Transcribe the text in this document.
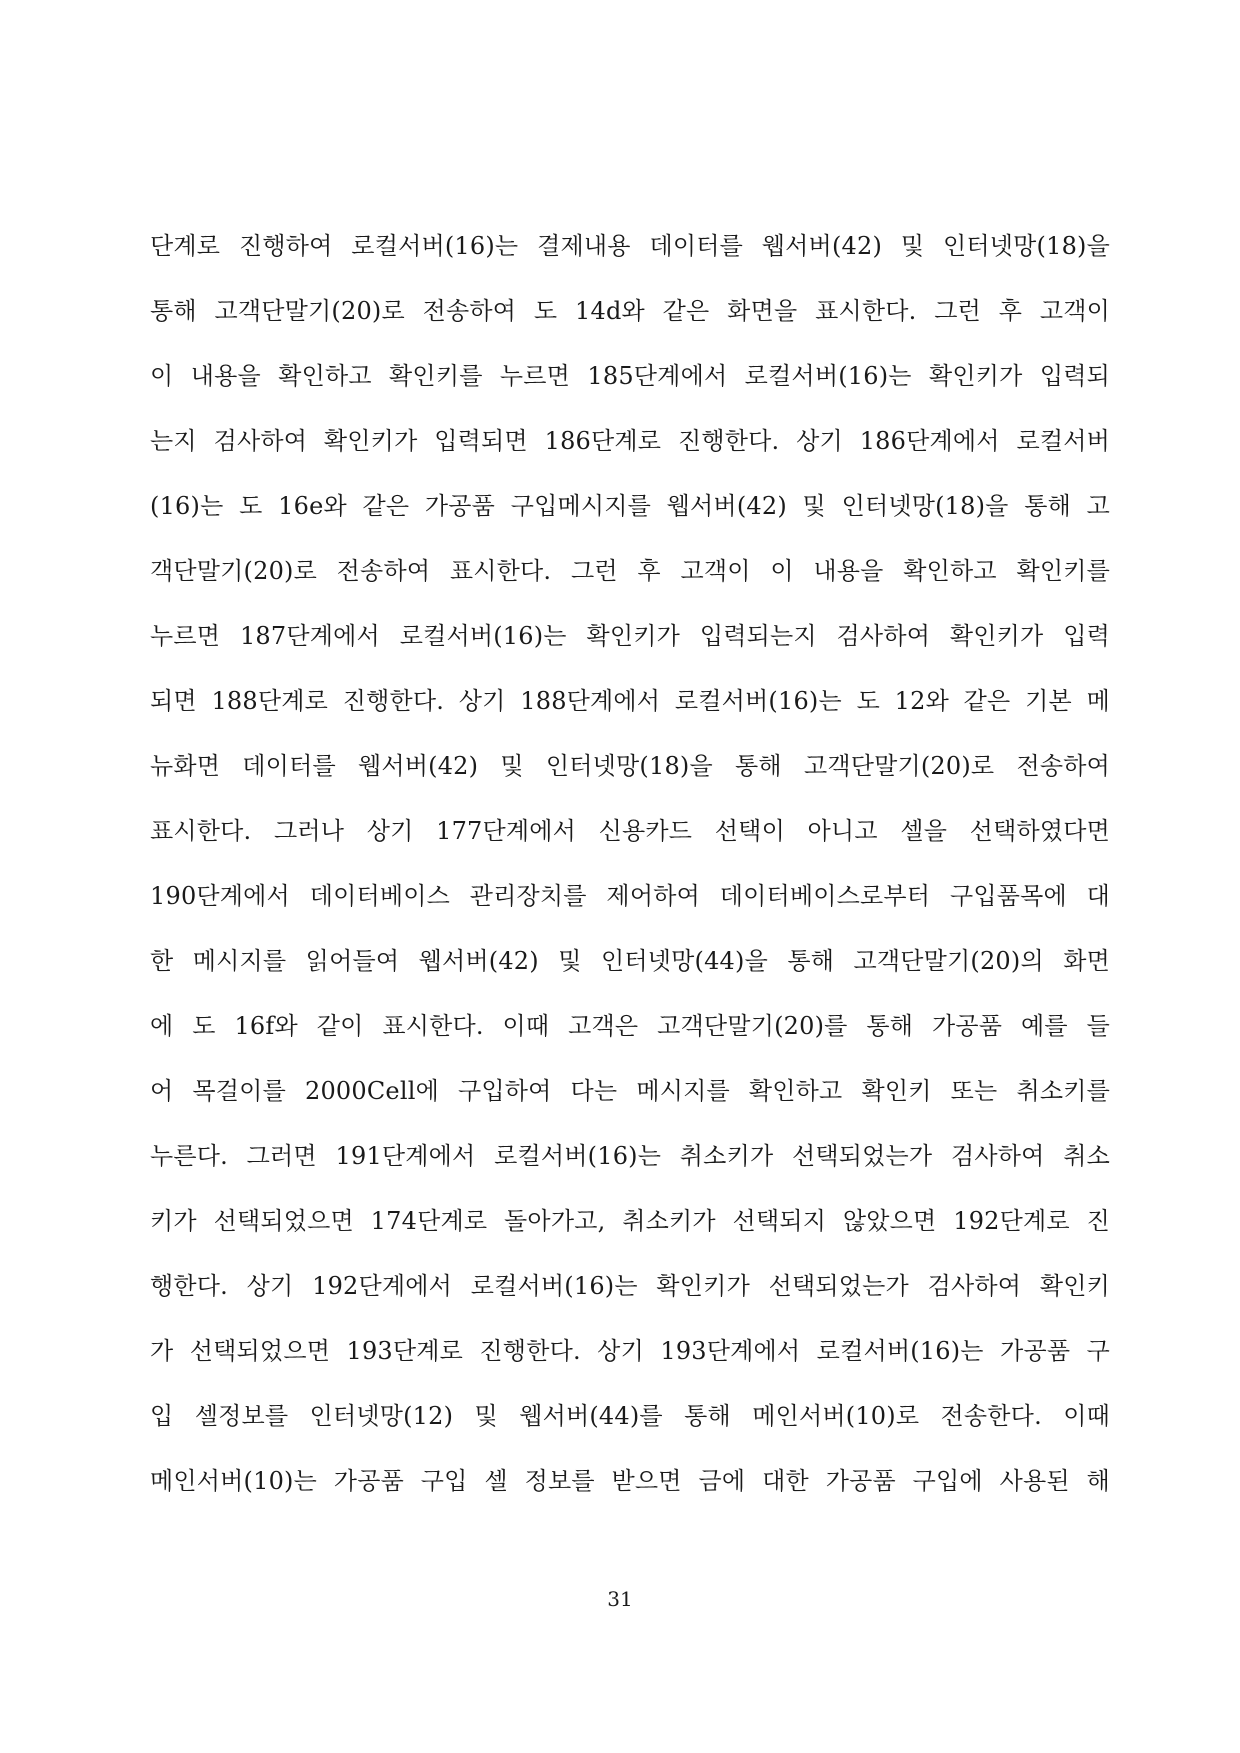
단계로 진행하여 로컬서버(16)는 결제내용 데이터를 웹서버(42) 및 인터넷망(18)을
통해 고객단말기(20)로 전송하여 도 14d와 같은 화면을 표시한다. 그런 후 고객이
이 내용을 확인하고 확인키를 누르면 185단계에서 로컬서버(16)는 확인키가 입력되
는지 검사하여 확인키가 입력되면 186단계로 진행한다. 상기 186단계에서 로컬서버
(16)는 도 16e와 같은 가공품 구입메시지를 웹서버(42) 및 인터넷망(18)을 통해 고
객단말기(20)로 전송하여 표시한다. 그런 후 고객이 이 내용을 확인하고 확인키를
누르면 187단계에서 로컬서버(16)는 확인키가 입력되는지 검사하여 확인키가 입력
되면 188단계로 진행한다. 상기 188단계에서 로컬서버(16)는 도 12와 같은 기본 메
뉴화면 데이터를 웹서버(42) 및 인터넷망(18)을 통해 고객단말기(20)로 전송하여
표시한다. 그러나 상기 177단계에서 신용카드 선택이 아니고 셀을 선택하였다면
190단계에서 데이터베이스 관리장치를 제어하여 데이터베이스로부터 구입품목에 대
한 메시지를 읽어들여 웹서버(42) 및 인터넷망(44)을 통해 고객단말기(20)의 화면
에 도 16f와 같이 표시한다. 이때 고객은 고객단말기(20)를 통해 가공품 예를 들
어 목걸이를 2000Cell에 구입하여 다는 메시지를 확인하고 확인키 또는 취소키를
누른다. 그러면 191단계에서 로컬서버(16)는 취소키가 선택되었는가 검사하여 취소
키가 선택되었으면 174단계로 돌아가고, 취소키가 선택되지 않았으면 192단계로 진
행한다. 상기 192단계에서 로컬서버(16)는 확인키가 선택되었는가 검사하여 확인키
가 선택되었으면 193단계로 진행한다. 상기 193단계에서 로컬서버(16)는 가공품 구
입 셀정보를 인터넷망(12) 및 웹서버(44)를 통해 메인서버(10)로 전송한다. 이때
메인서버(10)는 가공품 구입 셀 정보를 받으면 금에 대한 가공품 구입에 사용된 해
31
